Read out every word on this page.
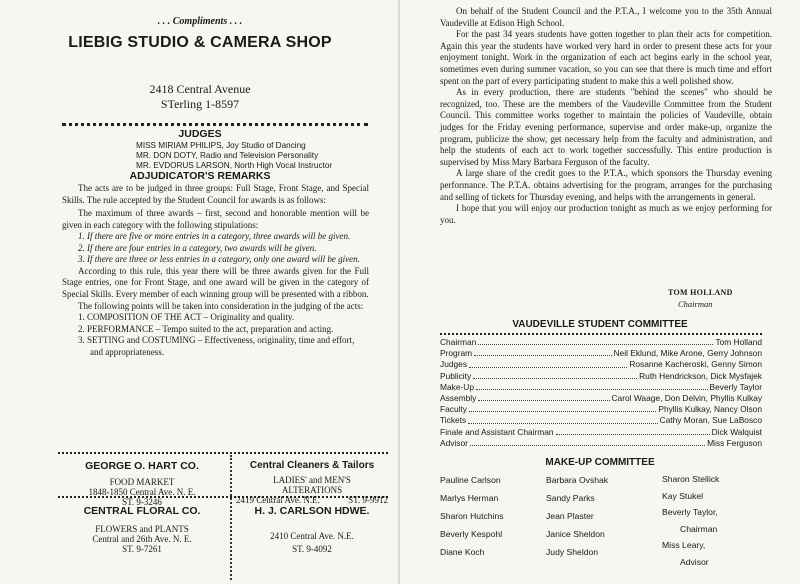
. . . Compliments . . .
LIEBIG STUDIO & CAMERA SHOP
2418 Central Avenue
STerling 1-8597
JUDGES
MISS MIRIAM PHILIPS, Joy Studio of Dancing
MR. DON DOTY, Radio and Television Personality
MR. EVDORUS LARSON, North High Vocal Instructor
ADJUDICATOR'S REMARKS

The acts are to be judged in three groups: Full Stage, Front Stage, and Special Skills. The rule accepted by the Student Council for awards is as follows:

The maximum of three awards – first, second and honorable mention will be given in each category with the following stipulations:

1. If there are five or more entries in a category, three awards will be given.
2. If there are four entries in a category, two awards will be given.
3. If there are three or less entries in a category, only one award will be given.

According to this rule, this year there will be three awards given for the Full Stage entries, one for Front Stage, and one award will be given in the category of Special Skills. Every member of each winning group will be presented with a ribbon.

The following points will be taken into consideration in the judging of the acts:

1. COMPOSITION OF THE ACT – Originality and quality.
2. PERFORMANCE – Tempo suited to the act, preparation and acting.
3. SETTING and COSTUMING – Effectiveness, originality, time and effort, and appropriateness.
GEORGE O. HART CO.
FOOD MARKET
1848-1850 Central Ave. N. E.
ST. 9-3246
Central Cleaners & Tailors
LADIES' and MEN'S
ALTERATIONS
2419 Central Ave. N.E.	ST. 9-9912
CENTRAL FLORAL CO.
FLOWERS and PLANTS
Central and 26th Ave. N. E.
ST. 9-7261
H. J. CARLSON HDWE.
2410 Central Ave. N.E.
ST. 9-4092

On behalf of the Student Council and the P.T.A., I welcome you to the 35th Annual Vaudeville at Edison High School.

For the past 34 years students have gotten together to plan their acts for competition. Again this year the students have worked very hard in order to present these acts for your enjoyment tonight. Work in the organization of each act begins early in the school year, sometimes even during summer vacation, so you can see that there is much time and effort spent on the part of every participating student to make this a well polished show.

As in every production, there are students "behind the scenes" who should be recognized, too. These are the members of the Vaudeville Committee from the Student Council. This committee works together to maintain the policies of Vaudeville, obtain judges for the Friday evening performance, supervise and order make-up, organize the program, publicize the show, get necessary help from the faculty and administration, and help the students of each act to work together successfully. This entire production is supervised by Miss Mary Barbara Ferguson of the faculty.

A large share of the credit goes to the P.T.A., which sponsors the Thursday evening performance. The P.T.A. obtains advertising for the program, arranges for the purchasing and selling of tickets for Thursday evening, and helps with the arrangements in general.

I hope that you will enjoy our production tonight as much as we enjoy performing for you.

TOM HOLLAND
Chairman
VAUDEVILLE STUDENT COMMITTEE
Chairman	Tom Holland
Program	Neil Eklund, Mike Arone, Gerry Johnson
Judges	Rosanne Kacheroski, Genny Simon
Publicity	Ruth Hendrickson, Dick Mysfajek
Make-Up	Beverly Taylor
Assembly	Carol Waage, Don Delvin, Phyllis Kulkay
Faculty	Phyllis Kulkay, Nancy Olson
Tickets	Cathy Moran, Sue LaBosco
Finale and Assistant Chairman	Dick Walquist
Advisor	Miss Ferguson
MAKE-UP COMMITTEE
Pauline Carlson
Marlys Herman
Sharon Hutchins
Beverly Kespohl
Diane Koch
Barbara Ovshak
Sandy Parks
Jean Plaster
Janice Sheldon
Judy Sheldon
Sharon Stellick
Kay Stukel
Beverly Taylor,
Chairman
Miss Leary,
Advisor
